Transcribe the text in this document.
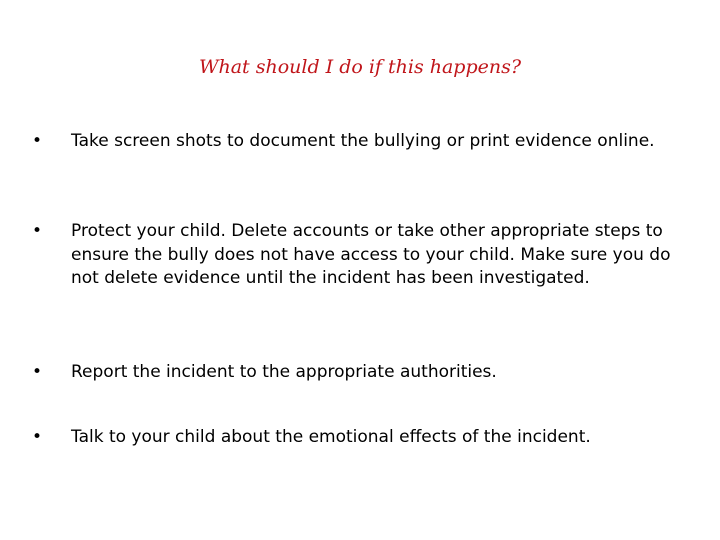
What should I do if this happens?
•	Take screen shots to document the bullying or print evidence online.
•	Protect your child. Delete accounts or take other appropriate steps to ensure the bully does not have access to your child. Make sure you do not delete evidence until the incident has been investigated.
•	Report the incident to the appropriate authorities.
•	Talk to your child about the emotional effects of the incident.
